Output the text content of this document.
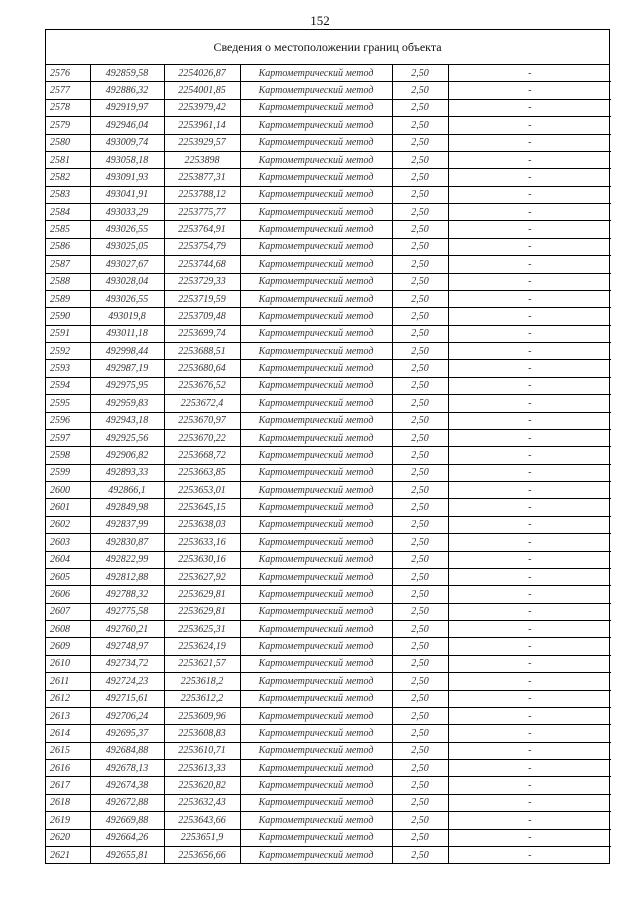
152
Сведения о местоположении границ объекта
2576	492859,58	2254026,87	Картометрический метод	2,50	-
2577	492886,32	2254001,85	Картометрический метод	2,50	-
2578	492919,97	2253979,42	Картометрический метод	2,50	-
2579	492946,04	2253961,14	Картометрический метод	2,50	-
2580	493009,74	2253929,57	Картометрический метод	2,50	-
2581	493058,18	2253898	Картометрический метод	2,50	-
2582	493091,93	2253877,31	Картометрический метод	2,50	-
2583	493041,91	2253788,12	Картометрический метод	2,50	-
2584	493033,29	2253775,77	Картометрический метод	2,50	-
2585	493026,55	2253764,91	Картометрический метод	2,50	-
2586	493025,05	2253754,79	Картометрический метод	2,50	-
2587	493027,67	2253744,68	Картометрический метод	2,50	-
2588	493028,04	2253729,33	Картометрический метод	2,50	-
2589	493026,55	2253719,59	Картометрический метод	2,50	-
2590	493019,8	2253709,48	Картометрический метод	2,50	-
2591	493011,18	2253699,74	Картометрический метод	2,50	-
2592	492998,44	2253688,51	Картометрический метод	2,50	-
2593	492987,19	2253680,64	Картометрический метод	2,50	-
2594	492975,95	2253676,52	Картометрический метод	2,50	-
2595	492959,83	2253672,4	Картометрический метод	2,50	-
2596	492943,18	2253670,97	Картометрический метод	2,50	-
2597	492925,56	2253670,22	Картометрический метод	2,50	-
2598	492906,82	2253668,72	Картометрический метод	2,50	-
2599	492893,33	2253663,85	Картометрический метод	2,50	-
2600	492866,1	2253653,01	Картометрический метод	2,50	-
2601	492849,98	2253645,15	Картометрический метод	2,50	-
2602	492837,99	2253638,03	Картометрический метод	2,50	-
2603	492830,87	2253633,16	Картометрический метод	2,50	-
2604	492822,99	2253630,16	Картометрический метод	2,50	-
2605	492812,88	2253627,92	Картометрический метод	2,50	-
2606	492788,32	2253629,81	Картометрический метод	2,50	-
2607	492775,58	2253629,81	Картометрический метод	2,50	-
2608	492760,21	2253625,31	Картометрический метод	2,50	-
2609	492748,97	2253624,19	Картометрический метод	2,50	-
2610	492734,72	2253621,57	Картометрический метод	2,50	-
2611	492724,23	2253618,2	Картометрический метод	2,50	-
2612	492715,61	2253612,2	Картометрический метод	2,50	-
2613	492706,24	2253609,96	Картометрический метод	2,50	-
2614	492695,37	2253608,83	Картометрический метод	2,50	-
2615	492684,88	2253610,71	Картометрический метод	2,50	-
2616	492678,13	2253613,33	Картометрический метод	2,50	-
2617	492674,38	2253620,82	Картометрический метод	2,50	-
2618	492672,88	2253632,43	Картометрический метод	2,50	-
2619	492669,88	2253643,66	Картометрический метод	2,50	-
2620	492664,26	2253651,9	Картометрический метод	2,50	-
2621	492655,81	2253656,66	Картометрический метод	2,50	-
